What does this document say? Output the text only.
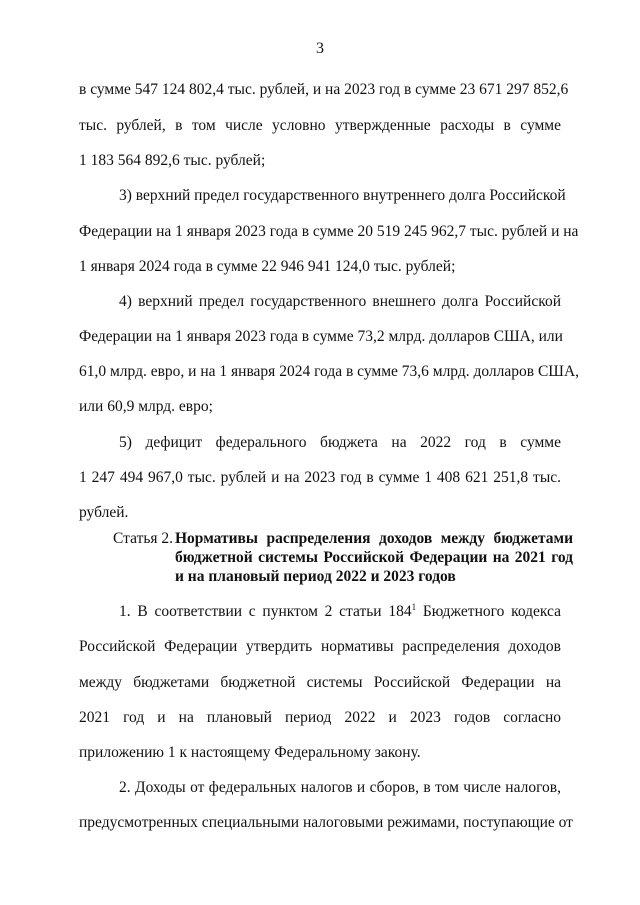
3
в сумме 547 124 802,4 тыс. рублей, и на 2023 год в сумме 23 671 297 852,6
тыс. рублей, в том числе условно утвержденные расходы в сумме
1 183 564 892,6 тыс. рублей;
3) верхний предел государственного внутреннего долга Российской
Федерации на 1 января 2023 года в сумме 20 519 245 962,7 тыс. рублей и на
1 января 2024 года в сумме 22 946 941 124,0 тыс. рублей;
4) верхний предел государственного внешнего долга Российской
Федерации на 1 января 2023 года в сумме 73,2 млрд. долларов США, или
61,0 млрд. евро, и на 1 января 2024 года в сумме 73,6 млрд. долларов США,
или 60,9 млрд. евро;
5) дефицит федерального бюджета на 2022 год в сумме
1 247 494 967,0 тыс. рублей и на 2023 год в сумме 1 408 621 251,8 тыс.
рублей.
Статья 2. Нормативы распределения доходов между бюджетами
бюджетной системы Российской Федерации на 2021 год
и на плановый период 2022 и 2023 годов
1. В соответствии с пунктом 2 статьи $184^1$ Бюджетного кодекса
Российской Федерации утвердить нормативы распределения доходов
между бюджетами бюджетной системы Российской Федерации на
2021 год и на плановый период 2022 и 2023 годов согласно
приложению 1 к настоящему Федеральному закону.
2. Доходы от федеральных налогов и сборов, в том числе налогов,
предусмотренных специальными налоговыми режимами, поступающие от
